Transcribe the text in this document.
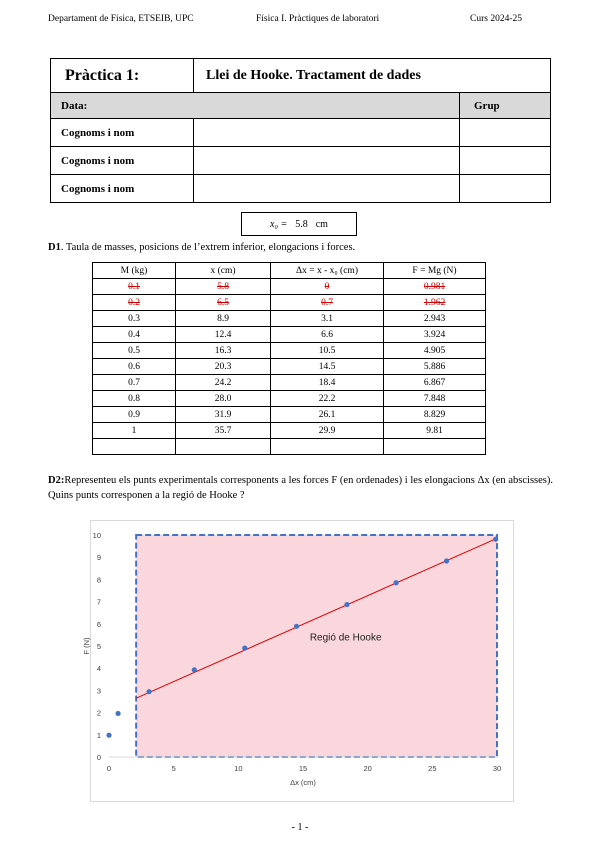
Departament de Física, ETSEIB, UPC	Física I. Pràctiques de laboratori	Curs 2024-25
Pràctica 1:	Llei de Hooke. Tractament de dades	
Data:		Grup
Cognoms i nom		
Cognoms i nom		
Cognoms i nom		
x₀ = 5.8 cm
D1. Taula de masses, posicions de l’extrem inferior, elongacions i forces.
M (kg)	x (cm)	Δx = x - x₀ (cm)	F = Mg (N)
0.1	5.8	0	0.981
0.2	6.5	0.7	1.962
0.3	8.9	3.1	2.943
0.4	12.4	6.6	3.924
0.5	16.3	10.5	4.905
0.6	20.3	14.5	5.886
0.7	24.2	18.4	6.867
0.8	28.0	22.2	7.848
0.9	31.9	26.1	8.829
1	35.7	29.9	9.81

D2:Representeu els punts experimentals corresponents a les forces F (en ordenades) i les elongacions Δx (en abscisses). Quins punts corresponen a la regió de Hooke ?
0
1
2
3
4
5
6
7
8
9
10
0	5	10	15	20	25	30
Δx (cm)
F (N)	Regió de Hooke
- 1 -
